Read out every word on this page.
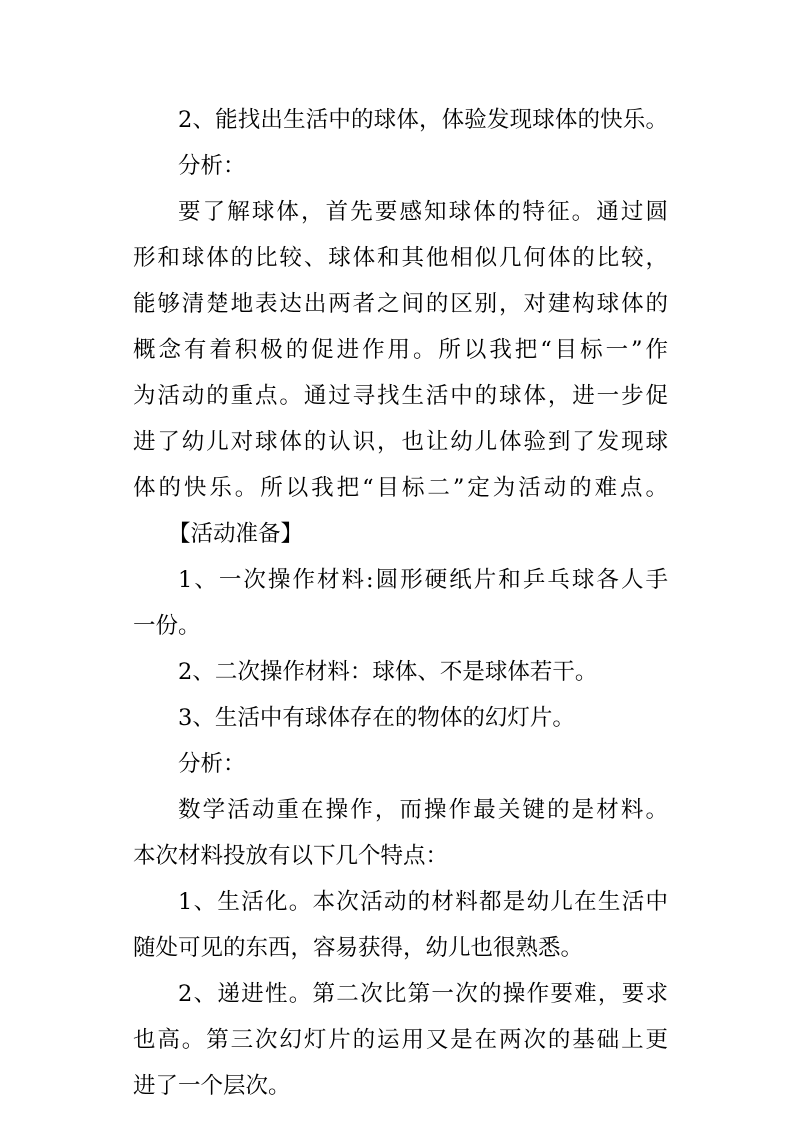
2、能找出生活中的球体，体验发现球体的快乐。
分析：
要了解球体，首先要感知球体的特征。通过圆
形和球体的比较、球体和其他相似几何体的比较，
能够清楚地表达出两者之间的区别，对建构球体的
概念有着积极的促进作用。所以我把“目标一”作
为活动的重点。通过寻找生活中的球体，进一步促
进了幼儿对球体的认识，也让幼儿体验到了发现球
体的快乐。所以我把“目标二”定为活动的难点。
【活动准备】
1、一次操作材料:圆形硬纸片和乒乓球各人手
一份。
2、二次操作材料：球体、不是球体若干。
3、生活中有球体存在的物体的幻灯片。
分析：
数学活动重在操作，而操作最关键的是材料。
本次材料投放有以下几个特点：
1、生活化。本次活动的材料都是幼儿在生活中
随处可见的东西，容易获得，幼儿也很熟悉。
2、递进性。第二次比第一次的操作要难，要求
也高。第三次幻灯片的运用又是在两次的基础上更
进了一个层次。
